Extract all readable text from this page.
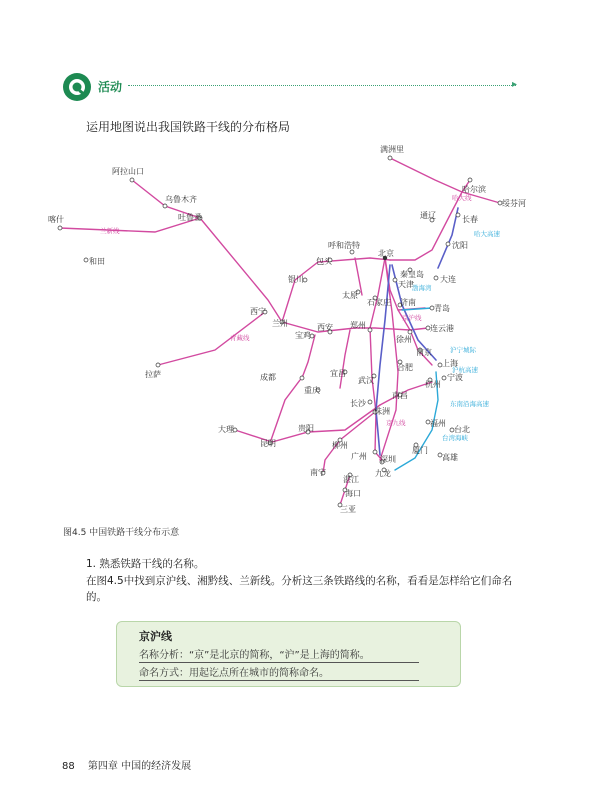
活动	▸
运用地图说出我国铁路干线的分布格局
满洲里
哈尔滨
绥芬河
阿拉山口
乌鲁木齐
吐鲁番
喀什
和田
通辽	长春
沈阳
大连
呼和浩特
包头
北京
秦皇岛
天津
银川
太原
石家庄 济南
青岛
西宁
兰州	西安
宝鸡
郑州
徐州
连云港
南京
合肥	上海
杭州
宁波
拉萨	成都
重庆
宜昌
武汉
长沙
南昌
株洲
福州
台北
厦门
高雄
大理
昆明
贵阳
柳州
广州 深圳
九龙
南宁
湛江
海口
三亚
兰新线
青藏线
京沪线
哈大线
京九线
渤海湾
台湾海峡
哈大高速
沪宁城际
沪杭高速
东南沿海高速
图4.5 中国铁路干线分布示意
1. 熟悉铁路干线的名称。
在图4.5中找到京沪线、湘黔线、兰新线。分析这三条铁路线的名称，看看是怎样给它们命名的。
京沪线
名称分析：“京”是北京的简称，“沪”是上海的简称。
命名方式：用起讫点所在城市的简称命名。
88 第四章 中国的经济发展
